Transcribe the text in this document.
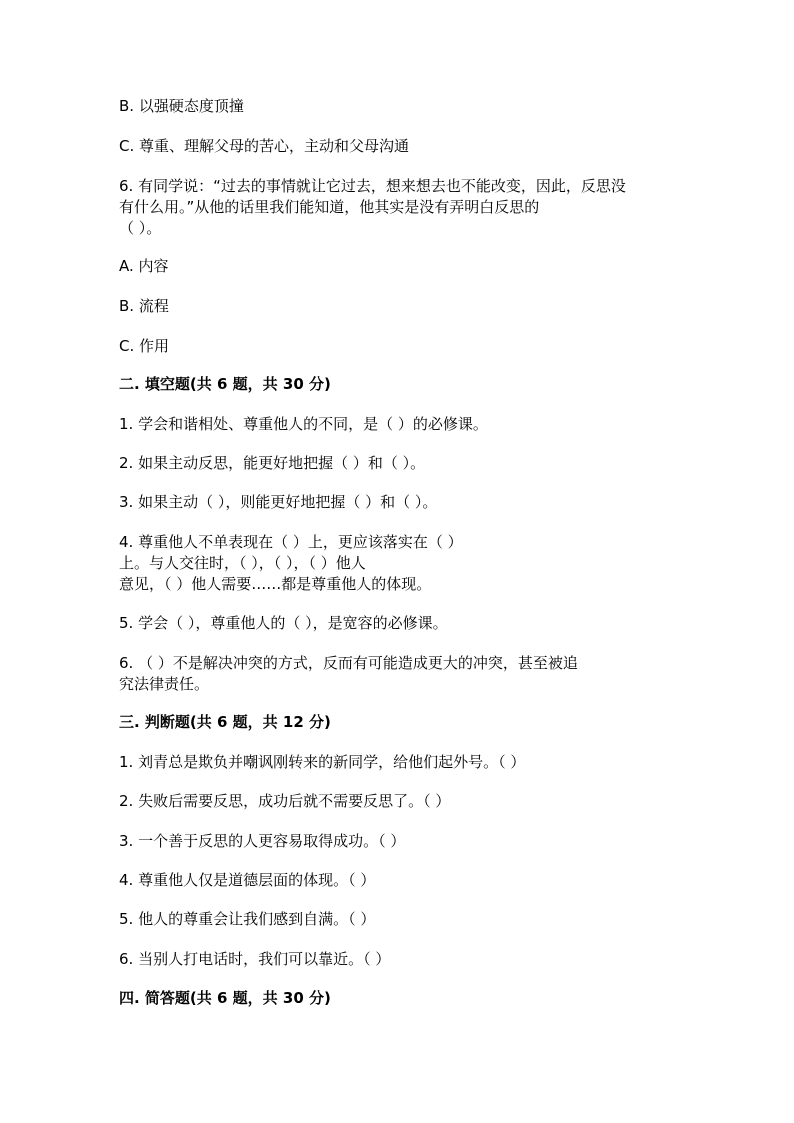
B. 以强硬态度顶撞
C. 尊重、理解父母的苦心，主动和父母沟通
6. 有同学说：“过去的事情就让它过去，想来想去也不能改变，因此，反思没
有什么用。”从他的话里我们能知道，他其实是没有弄明白反思的
（ ）。
A. 内容
B. 流程
C. 作用
二. 填空题(共 6 题，共 30 分)
1. 学会和谐相处、尊重他人的不同，是（ ）的必修课。
2. 如果主动反思，能更好地把握（ ）和（ ）。
3. 如果主动（ ），则能更好地把握（ ）和（ ）。
4. 尊重他人不单表现在（ ）上，更应该落实在（ ）
上。与人交往时，（ ），（ ），（ ）他人
意见，（ ）他人需要……都是尊重他人的体现。
5. 学会（ ），尊重他人的（ ），是宽容的必修课。
6. （ ）不是解决冲突的方式，反而有可能造成更大的冲突，甚至被追
究法律责任。
三. 判断题(共 6 题，共 12 分)
1. 刘青总是欺负并嘲讽刚转来的新同学，给他们起外号。（ ）
2. 失败后需要反思，成功后就不需要反思了。（ ）
3. 一个善于反思的人更容易取得成功。（ ）
4. 尊重他人仅是道德层面的体现。（ ）
5. 他人的尊重会让我们感到自满。（ ）
6. 当别人打电话时，我们可以靠近。（ ）
四. 简答题(共 6 题，共 30 分)
